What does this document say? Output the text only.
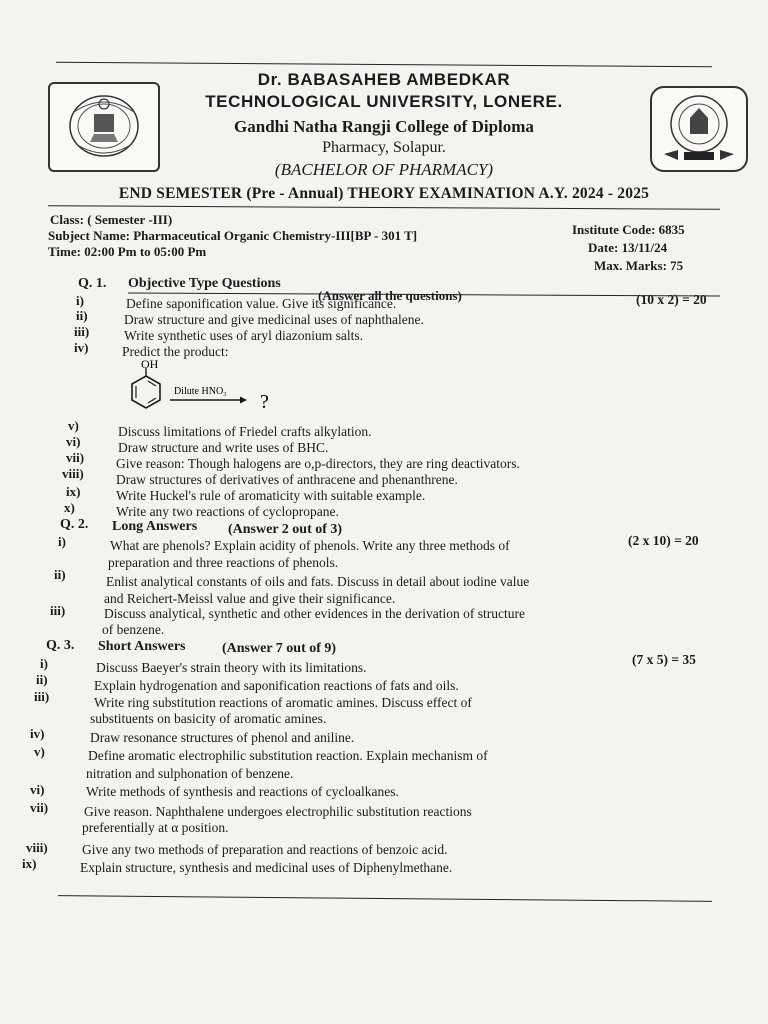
Dr. BABASAHEB AMBEDKAR
TECHNOLOGICAL UNIVERSITY, LONERE.
Gandhi Natha Rangji College of Diploma
Pharmacy, Solapur.
(BACHELOR OF PHARMACY)
END SEMESTER (Pre - Annual) THEORY EXAMINATION A.Y. 2024 - 2025
Class: ( Semester -III)
Subject Name: Pharmaceutical Organic Chemistry-III[BP - 301 T]
Time: 02:00 Pm to 05:00 Pm
Institute Code: 6835
Date: 13/11/24
Max. Marks: 75
Q. 1. Objective Type Questions
(Answer all the questions)	(10 x 2) = 20
i)	Define saponification value. Give its significance.
ii)	Draw structure and give medicinal uses of naphthalene.
iii)	Write synthetic uses of aryl diazonium salts.
iv) Predict the product:
OH
Dilute HNO₃ ?
v)	Discuss limitations of Friedel crafts alkylation.
vi)	Draw structure and write uses of BHC.
vii) Give reason: Though halogens are o,p-directors, they are ring deactivators.
viii) Draw structures of derivatives of anthracene and phenanthrene.
ix)	Write Huckel's rule of aromaticity with suitable example.
x)	Write any two reactions of cyclopropane.
Q. 2. Long Answers (Answer 2 out of 3)
(2 x 10) = 20
i)	What are phenols? Explain acidity of phenols. Write any three methods of
preparation and three reactions of phenols.
ii)	Enlist analytical constants of oils and fats. Discuss in detail about iodine value
and Reichert-Meissl value and give their significance.
iii)	Discuss analytical, synthetic and other evidences in the derivation of structure
of benzene.
Q. 3. Short Answers	(Answer 7 out of 9)
(7 x 5) = 35
i)	Discuss Baeyer's strain theory with its limitations.
ii)	Explain hydrogenation and saponification reactions of fats and oils.
iii)	Write ring substitution reactions of aromatic amines. Discuss effect of
substituents on basicity of aromatic amines.
iv)	Draw resonance structures of phenol and aniline.
v)	Define aromatic electrophilic substitution reaction. Explain mechanism of
nitration and sulphonation of benzene.
vi)	Write methods of synthesis and reactions of cycloalkanes.
vii)	Give reason. Naphthalene undergoes electrophilic substitution reactions
preferentially at α position.
viii)	Give any two methods of preparation and reactions of benzoic acid.
ix)	Explain structure, synthesis and medicinal uses of Diphenylmethane.
